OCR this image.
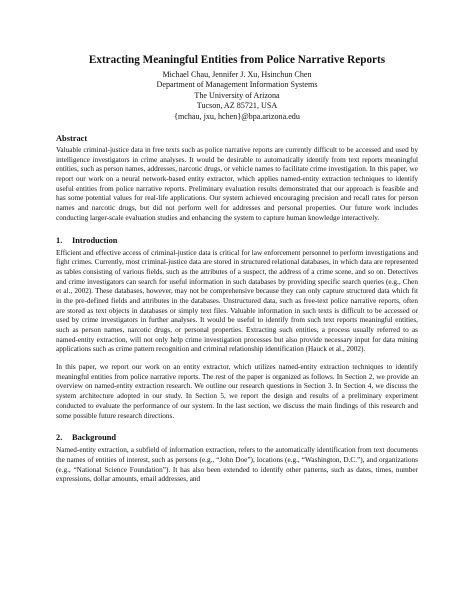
Extracting Meaningful Entities from Police Narrative Reports
Michael Chau, Jennifer J. Xu, Hsinchun Chen
Department of Management Information Systems
The University of Arizona
Tucson, AZ 85721, USA
{mchau, jxu, hchen}@bpa.arizona.edu
Abstract

Valuable criminal-justice data in free texts such as police narrative reports are currently difficult to be accessed and used by intelligence investigators in crime analyses. It would be desirable to automatically identify from text reports meaningful entities, such as person names, addresses, narcotic drugs, or vehicle names to facilitate crime investigation. In this paper, we report our work on a neural network-based entity extractor, which applies named-entity extraction techniques to identify useful entities from police narrative reports. Preliminary evaluation results demonstrated that our approach is feasible and has some potential values for real-life applications. Our system achieved encouraging precision and recall rates for person names and narcotic drugs, but did not perform well for addresses and personal properties. Our future work includes conducting larger-scale evaluation studies and enhancing the system to capture human knowledge interactively.

1. Introduction

Efficient and effective access of criminal-justice data is critical for law enforcement personnel to perform investigations and fight crimes. Currently, most criminal-justice data are stored in structured relational databases, in which data are represented as tables consisting of various fields, such as the attributes of a suspect, the address of a crime scene, and so on. Detectives and crime investigators can search for useful information in such databases by providing specific search queries (e.g., Chen et al., 2002). These databases, however, may not be comprehensive because they can only capture structured data which fit in the pre-defined fields and attributes in the databases. Unstructured data, such as free-text police narrative reports, often are stored as text objects in databases or simply text files. Valuable information in such texts is difficult to be accessed or used by crime investigators in further analyses. It would be useful to identify from such text reports meaningful entities, such as person names, narcotic drugs, or personal properties. Extracting such entities, a process usually referred to as named-entity extraction, will not only help crime investigation processes but also provide necessary input for data mining applications such as crime pattern recognition and criminal relationship identification (Hauck et al., 2002).

In this paper, we report our work on an entity extractor, which utilizes named-entity extraction techniques to identify meaningful entities from police narrative reports. The rest of the paper is organized as follows. In Section 2, we provide an overview on named-entity extraction research. We outline our research questions in Section 3. In Section 4, we discuss the system architecture adopted in our study. In Section 5, we report the design and results of a preliminary experiment conducted to evaluate the performance of our system. In the last section, we discuss the main findings of this research and some possible future research directions.

2. Background

Named-entity extraction, a subfield of information extraction, refers to the automatically identification from text documents the names of entities of interest, such as persons (e.g., “John Doe”), locations (e.g., “Washington, D.C.”), and organizations (e.g., “National Science Foundation”). It has also been extended to identify other patterns, such as dates, times, number expressions, dollar amounts, email addresses, and
